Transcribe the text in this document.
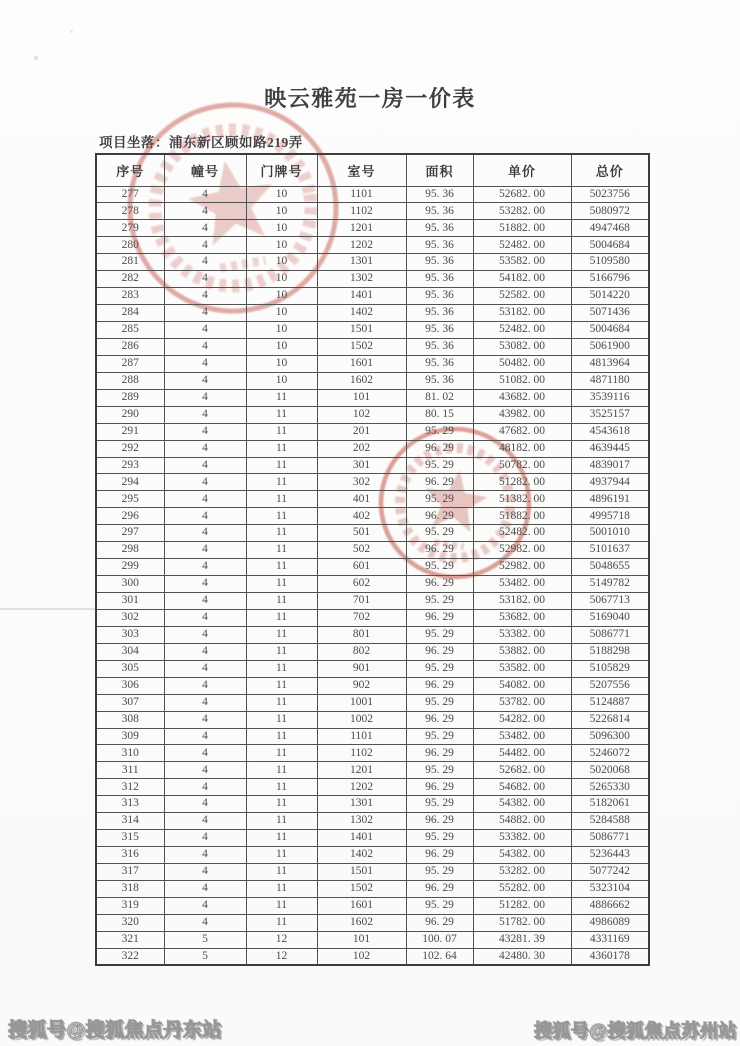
映云雅苑一房一价表
项目坐落：浦东新区顾如路219弄
序号	幢号	门牌号	室号	面积	单价	总价
277	4	10	1101	95. 36	52682. 00	5023756
278	4	10	1102	95. 36	53282. 00	5080972
279	4	10	1201	95. 36	51882. 00	4947468
280	4	10	1202	95. 36	52482. 00	5004684
281	4	10	1301	95. 36	53582. 00	5109580
282	4	10	1302	95. 36	54182. 00	5166796
283	4	10	1401	95. 36	52582. 00	5014220
284	4	10	1402	95. 36	53182. 00	5071436
285	4	10	1501	95. 36	52482. 00	5004684
286	4	10	1502	95. 36	53082. 00	5061900
287	4	10	1601	95. 36	50482. 00	4813964
288	4	10	1602	95. 36	51082. 00	4871180
289	4	11	101	81. 02	43682. 00	3539116
290	4	11	102	80. 15	43982. 00	3525157
291	4	11	201	95. 29	47682. 00	4543618
292	4	11	202	96. 29	48182. 00	4639445
293	4	11	301	95. 29	50782. 00	4839017
294	4	11	302	96. 29	51282. 00	4937944
295	4	11	401	95. 29	51382. 00	4896191
296	4	11	402	96. 29	51882. 00	4995718
297	4	11	501	95. 29	52482. 00	5001010
298	4	11	502	96. 29	52982. 00	5101637
299	4	11	601	95. 29	52982. 00	5048655
300	4	11	602	96. 29	53482. 00	5149782
301	4	11	701	95. 29	53182. 00	5067713
302	4	11	702	96. 29	53682. 00	5169040
303	4	11	801	95. 29	53382. 00	5086771
304	4	11	802	96. 29	53882. 00	5188298
305	4	11	901	95. 29	53582. 00	5105829
306	4	11	902	96. 29	54082. 00	5207556
307	4	11	1001	95. 29	53782. 00	5124887
308	4	11	1002	96. 29	54282. 00	5226814
309	4	11	1101	95. 29	53482. 00	5096300
310	4	11	1102	96. 29	54482. 00	5246072
311	4	11	1201	95. 29	52682. 00	5020068
312	4	11	1202	96. 29	54682. 00	5265330
313	4	11	1301	95. 29	54382. 00	5182061
314	4	11	1302	96. 29	54882. 00	5284588
315	4	11	1401	95. 29	53382. 00	5086771
316	4	11	1402	96. 29	54382. 00	5236443
317	4	11	1501	95. 29	53282. 00	5077242
318	4	11	1502	96. 29	55282. 00	5323104
319	4	11	1601	95. 29	51282. 00	4886662
320	4	11	1602	96. 29	51782. 00	4986089
321	5	12	101	100. 07	43281. 39	4331169
322	5	12	102	102. 64	42480. 30	4360178
搜狐号@搜狐焦点丹东站	搜狐号@搜狐焦点苏州站
